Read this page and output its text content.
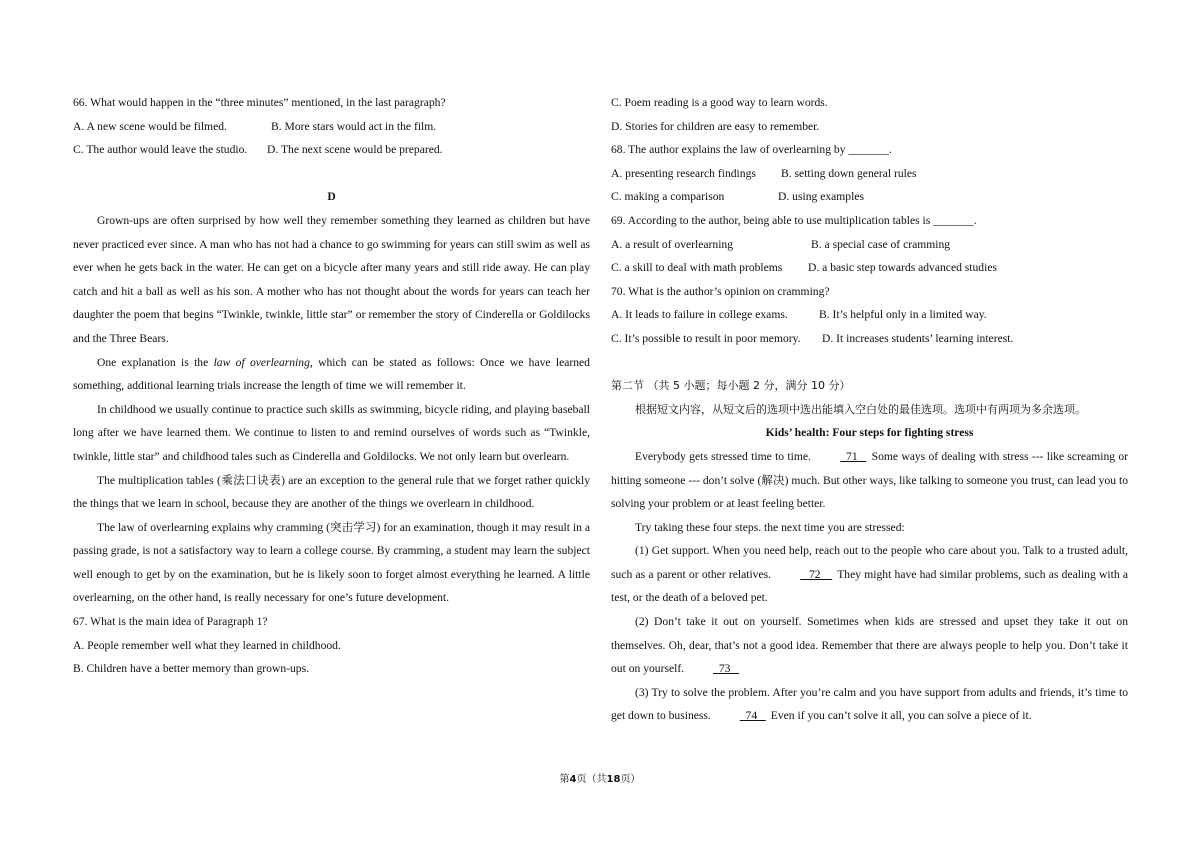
66. What would happen in the “three minutes” mentioned, in the last paragraph?
A. A new scene would be filmed.	B. More stars would act in the film.
C. The author would leave the studio.	D. The next scene would be prepared.
D
Grown-ups are often surprised by how well they remember something they learned as children but have never practiced ever since. A man who has not had a chance to go swimming for years can still swim as well as ever when he gets back in the water. He can get on a bicycle after many years and still ride away. He can play catch and hit a ball as well as his son. A mother who has not thought about the words for years can teach her daughter the poem that begins “Twinkle, twinkle, little star” or remember the story of Cinderella or Goldilocks and the Three Bears.
One explanation is the law of overlearning, which can be stated as follows: Once we have learned something, additional learning trials increase the length of time we will remember it.
In childhood we usually continue to practice such skills as swimming, bicycle riding, and playing baseball long after we have learned them. We continue to listen to and remind ourselves of words such as “Twinkle, twinkle, little star” and childhood tales such as Cinderella and Goldilocks. We not only learn but overlearn.
The multiplication tables (乘法口诀表) are an exception to the general rule that we forget rather quickly the things that we learn in school, because they are another of the things we overlearn in childhood.
The law of overlearning explains why cramming (突击学习) for an examination, though it may result in a passing grade, is not a satisfactory way to learn a college course. By cramming, a student may learn the subject well enough to get by on the examination, but he is likely soon to forget almost everything he learned. A little overlearning, on the other hand, is really necessary for one’s future development.
67. What is the main idea of Paragraph 1?
A. People remember well what they learned in childhood.
B. Children have a better memory than grown-ups.
C. Poem reading is a good way to learn words.
D. Stories for children are easy to remember.
68. The author explains the law of overlearning by _______.
A. presenting research findings	B. setting down general rules
C. making a comparison	D. using examples
69. According to the author, being able to use multiplication tables is _______.
A. a result of overlearning	B. a special case of cramming
C. a skill to deal with math problems	D. a basic step towards advanced studies
70. What is the author’s opinion on cramming?
A. It leads to failure in college exams.	B. It’s helpful only in a limited way.
C. It’s possible to result in poor memory.	D. It increases students’ learning interest.
第二节 （共 5 小题；每小题 2 分，满分 10 分）
根据短文内容，从短文后的选项中选出能填入空白处的最佳选项。选项中有两项为多余选项。
Kids’ health: Four steps for fighting stress
Everybody gets stressed time to time.	71 Some ways of dealing with stress --- like screaming or hitting someone --- don’t solve (解决) much. But other ways, like talking to someone you trust, can lead you to solving your problem or at least feeling better.
Try taking these four steps. the next time you are stressed:
(1) Get support. When you need help, reach out to the people who care about you. Talk to a trusted adult, such as a parent or other relatives.	72 They might have had similar problems, such as dealing with a test, or the death of a beloved pet.
(2) Don’t take it out on yourself. Sometimes when kids are stressed and upset they take it out on themselves. Oh, dear, that’s not a good idea. Remember that there are always people to help you. Don’t take it out on yourself.	73
(3) Try to solve the problem. After you’re calm and you have support from adults and friends, it’s time to get down to business.	74 Even if you can’t solve it all, you can solve a piece of it.
第4页（共18页）
